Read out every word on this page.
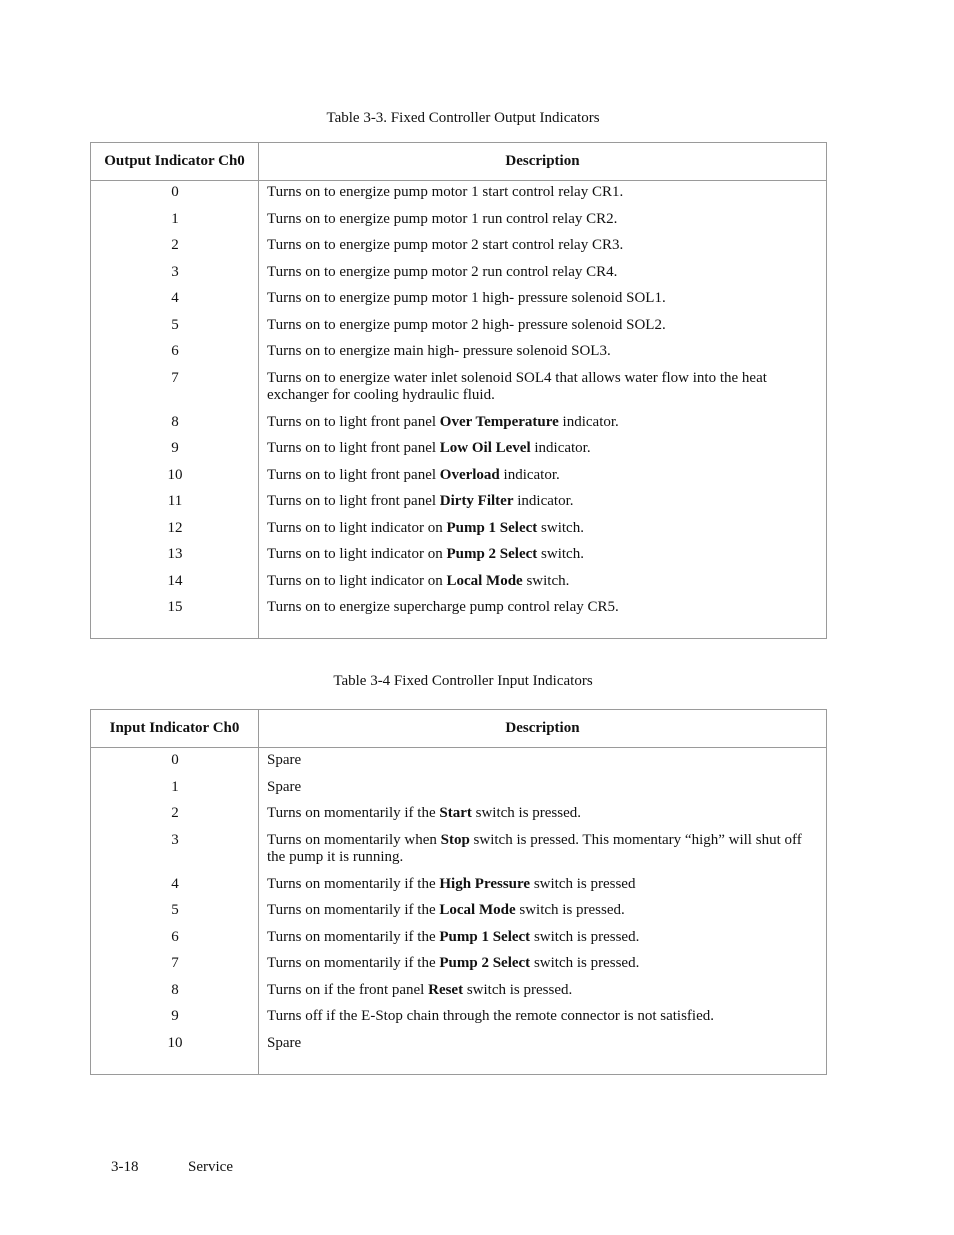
Table 3-3. Fixed Controller Output Indicators
Output Indicator Ch0	Description
0	Turns on to energize pump motor 1 start control relay CR1.
1	Turns on to energize pump motor 1 run control relay CR2.
2	Turns on to energize pump motor 2 start control relay CR3.
3	Turns on to energize pump motor 2 run control relay CR4.
4	Turns on to energize pump motor 1 high- pressure solenoid SOL1.
5	Turns on to energize pump motor 2 high- pressure solenoid SOL2.
6	Turns on to energize main high- pressure solenoid SOL3.
7	Turns on to energize water inlet solenoid SOL4 that allows water flow into the heat exchanger for cooling hydraulic fluid.
8	Turns on to light front panel Over Temperature indicator.
9	Turns on to light front panel Low Oil Level indicator.
10	Turns on to light front panel Overload indicator.
11	Turns on to light front panel Dirty Filter indicator.
12	Turns on to light indicator on Pump 1 Select switch.
13	Turns on to light indicator on Pump 2 Select switch.
14	Turns on to light indicator on Local Mode switch.
15	Turns on to energize supercharge pump control relay CR5.
Table 3-4 Fixed Controller Input Indicators
Input Indicator Ch0	Description
0	Spare
1	Spare
2	Turns on momentarily if the Start switch is pressed.
3	Turns on momentarily when Stop switch is pressed. This momentary “high” will shut off the pump it is running.
4	Turns on momentarily if the High Pressure switch is pressed
5	Turns on momentarily if the Local Mode switch is pressed.
6	Turns on momentarily if the Pump 1 Select switch is pressed.
7	Turns on momentarily if the Pump 2 Select switch is pressed.
8	Turns on if the front panel Reset switch is pressed.
9	Turns off if the E-Stop chain through the remote connector is not satisfied.
10	Spare
3-18	Service
